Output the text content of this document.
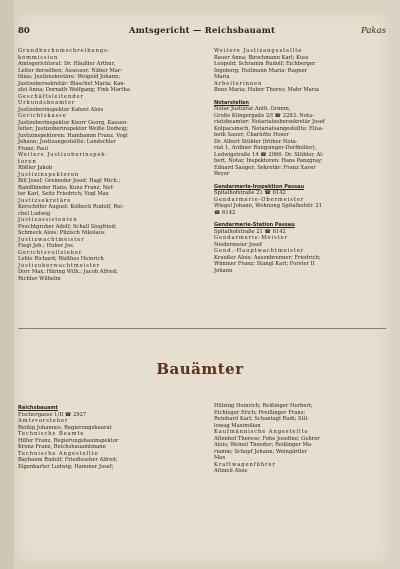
80	Amtsgericht — Reichsbauamt	Pakas
Grundbuchumschreibungs-
kommission
Amtsgerichtsrat: Dr. Häußler Arthur,
Leiter derselben; Assessor: Näher Mar-
thias; Justizsekretäre: Weigold Johann;
Justizobersekretär: Blaschet Maria; Kan-
zlei Anna; Dornath Wolfgang; Fink Martha
Geschäftsleitender
Urkundsbeamter
Justizoberinspektor Kabzel Alois
Gerichtskasse
Justizoberinspektor Knorr Georg, Kassen-
leiter; Justizoberinspektor Weiße Dodwig;
Justizinspektoren: Hambamm Franz, Vogl
Johann; Justizangestellte: Landschler
Franz; Paul
Weitere Justizoberinspek-
toren
Rößler Jakob
Justizinspektoren
Bill Josef; Greineder Josef; Hagl Mich.;
Randlbinder Hans; Kunz Franz; Nef-
ter Karl, Seitz Friedrich; Vogl Max
Justizsekretäre
Kerschöfer August; Kolbeck Rudolf, Rei-
chel Ludwig
Justizassistenten
Feuchtgruber Adolf; Schall Siegfried;
Schmeck Alois; Pilzisch Nikolaus
Justizwachtmeister
Fiegl Joh.; Huber Jos.
Gerichtsvollzieher
Lehle Richard; Walthes Heinrich
Justizoberwachtmeister
Dorr Max; Häring Wilh.; Jacob Alfred;
Richter Wilhelm
Weitere Justizangestellte
Bauer Anna; Birschmann Karl; Kuss
Leopold; Schramm Rudolf; Eichberger
Ingeborg; Heilmann Maria; Ragner
Maria
Arbeiterinnen
Benz Maria; Huber Theres; Mahr Maria
Notarstellen
Notar Justizrat Anth. Grimm,
Große Klingergaße 2/I ☎ 2283. Nota-
riatsbeamter: Notariatsobersekretär Josef
Kolpacsinsch, Notariatsangestellte: Elisa-
beth Sauer; Charlotte Hoser
Dr. Albert Stübler (früher Nota-
riat 1, Ardiner Rungsinger-Dorfmiller),
Ludwigstraße 14 ☎ 2066. Dr. Stübler, Al-
bert, Notar, Inspektoren: Hans Panzgray;
Eduard Sauger; Sekretär: Franz Xaver
Beyer
Gendarmerie-Inspektion Passau
Spitalhofstraße 21 ☎ 6142
Gendarmerie-Obermeister
Wiegel Johann, Wohnung Spitalhofstr. 21
☎ 6142
Gendarmerie-Station Passau
Spitalhofstraße 21 ☎ 6142
Gendarmerie-Meister
Niedermeier Josef
Gend.-Hauptwachtmeister
Kraußer Alois; Ausenbrenner; Friedrich;
Wimmer Franz; Stangl Karl; Forster II
Johann
Bauämter
Reichsbauamt
Fischergasse 1/II ☎ 2927
Amtsvorsteher
Reißig Johannes, Regierungsbaurat
Technische Beamte
Hilfer Franz, Regierungsbauinspektor
Kronz Franz, Reichsbauamtmann
Technische Angestellte
Baybaum Rudolf; Friedlsseher Alfred;
Eigenbarter Ludwig; Hammer Josef;
Hölzing Heinrich; Reißinger Herbert;
Eichleger Erich; Preißinger Franz;
Reinhard Karl; Schantagl Rudi; Stil-
lowag Maximilian
Kaufmännische Angestellte
Altenhof Therese; Fohe Josefine; Gehrer
Alois; Weinol Theodor; Reißinger Ma-
rianne; Schopf Johann; Weingärtler
Max
Kraftwagenführer
Altmeil Alois
